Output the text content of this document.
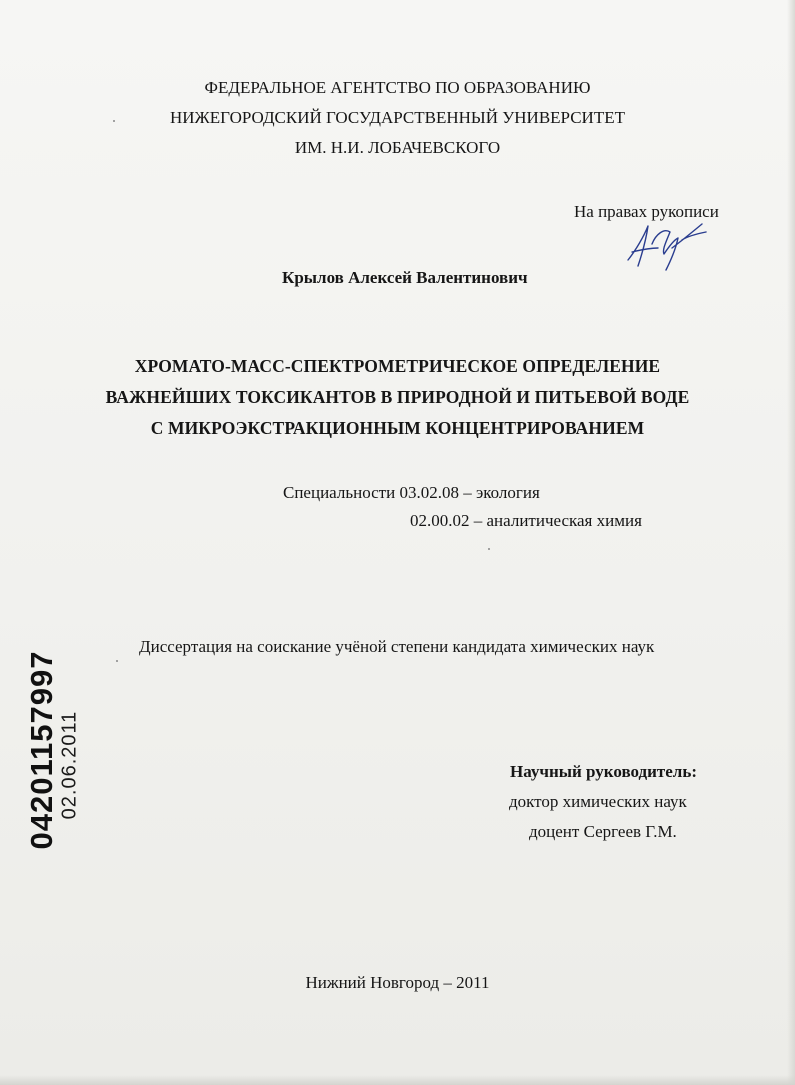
ФЕДЕРАЛЬНОЕ АГЕНТСТВО ПО ОБРАЗОВАНИЮ
НИЖЕГОРОДСКИЙ ГОСУДАРСТВЕННЫЙ УНИВЕРСИТЕТ
ИМ. Н.И. ЛОБАЧЕВСКОГО
На правах рукописи
Крылов Алексей Валентинович
ХРОМАТО-МАСС-СПЕКТРОМЕТРИЧЕСКОЕ ОПРЕДЕЛЕНИЕ
ВАЖНЕЙШИХ ТОКСИКАНТОВ В ПРИРОДНОЙ И ПИТЬЕВОЙ ВОДЕ
С МИКРОЭКСТРАКЦИОННЫМ КОНЦЕНТРИРОВАНИЕМ
Специальности 03.02.08 – экология
02.00.02 – аналитическая химия
Диссертация на соискание учёной степени кандидата химических наук
Научный руководитель:
доктор химических наук
доцент Сергеев Г.М.
04201157997 02.06.2011
Нижний Новгород – 2011
